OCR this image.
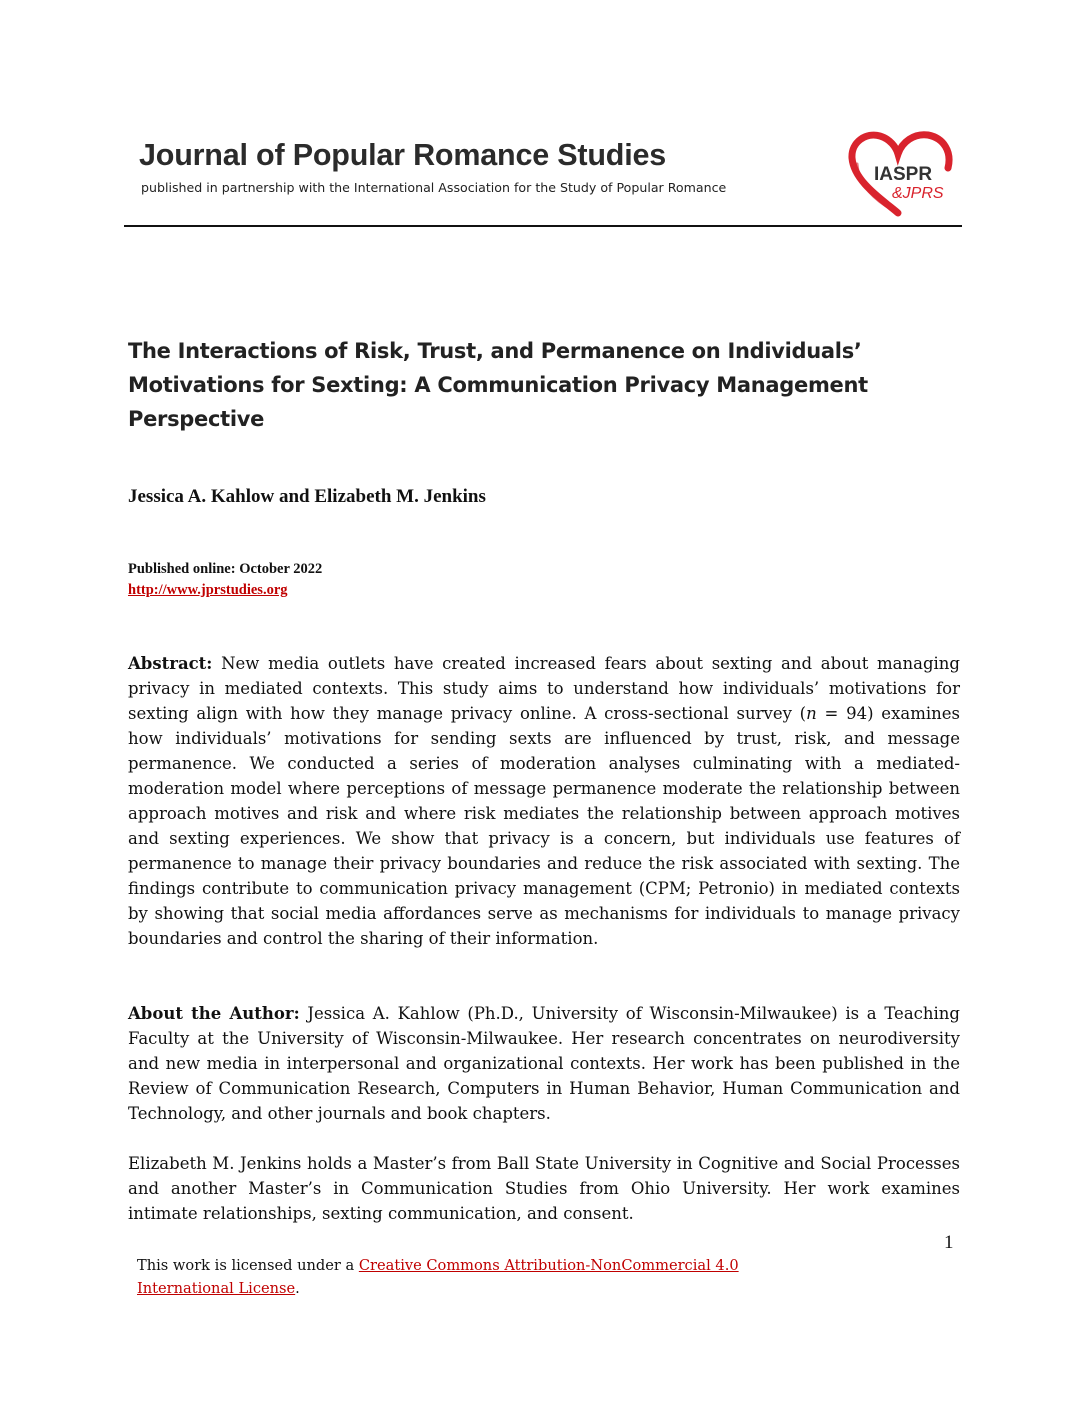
Journal of Popular Romance Studies
published in partnership with the International Association for the Study of Popular Romance
IASPR
&JPRS
The Interactions of Risk, Trust, and Permanence on Individuals’ Motivations for Sexting: A Communication Privacy Management Perspective
Jessica A. Kahlow and Elizabeth M. Jenkins
Published online: October 2022
http://www.jprstudies.org
Abstract: New media outlets have created increased fears about sexting and about managing privacy in mediated contexts. This study aims to understand how individuals’ motivations for sexting align with how they manage privacy online. A cross-sectional survey (n = 94) examines how individuals’ motivations for sending sexts are influenced by trust, risk, and message permanence. We conducted a series of moderation analyses culminating with a mediated-moderation model where perceptions of message permanence moderate the relationship between approach motives and risk and where risk mediates the relationship between approach motives and sexting experiences. We show that privacy is a concern, but individuals use features of permanence to manage their privacy boundaries and reduce the risk associated with sexting. The findings contribute to communication privacy management (CPM; Petronio) in mediated contexts by showing that social media affordances serve as mechanisms for individuals to manage privacy boundaries and control the sharing of their information.
About the Author: Jessica A. Kahlow (Ph.D., University of Wisconsin-Milwaukee) is a Teaching Faculty at the University of Wisconsin-Milwaukee. Her research concentrates on neurodiversity and new media in interpersonal and organizational contexts. Her work has been published in the Review of Communication Research, Computers in Human Behavior, Human Communication and Technology, and other journals and book chapters.
Elizabeth M. Jenkins holds a Master’s from Ball State University in Cognitive and Social Processes and another Master’s in Communication Studies from Ohio University. Her work examines intimate relationships, sexting communication, and consent.
1
This work is licensed under a Creative Commons Attribution-NonCommercial 4.0 International License.
